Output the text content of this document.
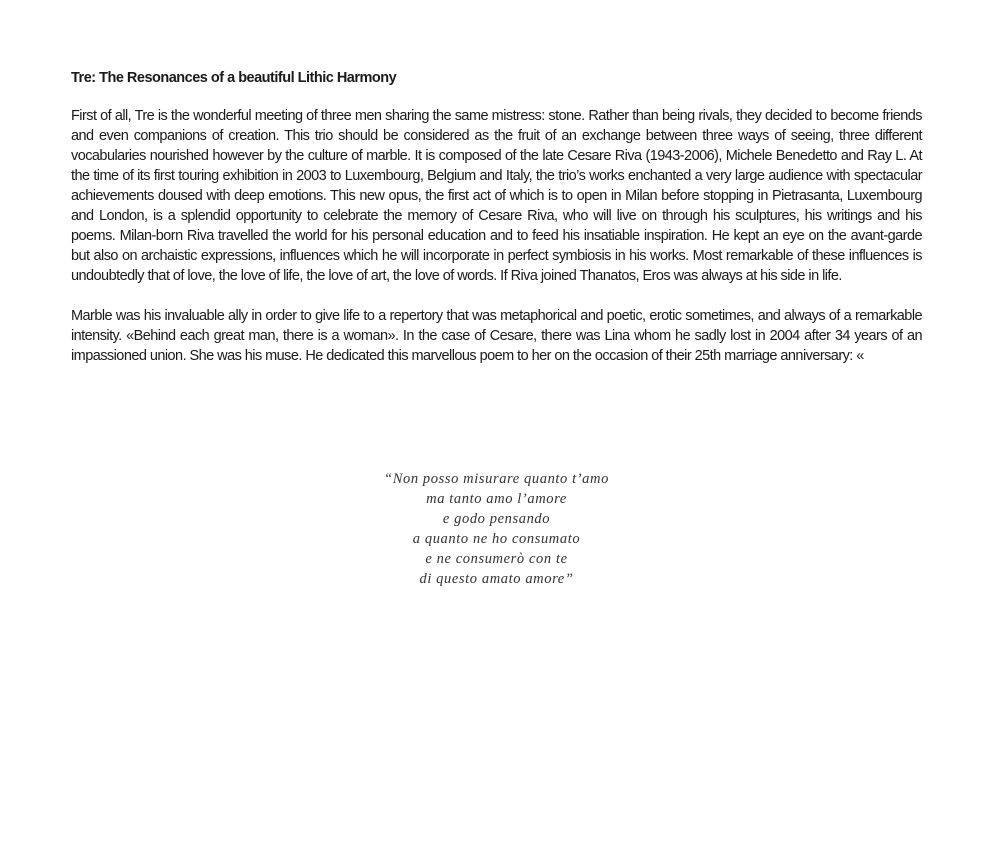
Tre: The Resonances of a beautiful Lithic Harmony

First of all, Tre is the wonderful meeting of three men sharing the same mistress: stone. Rather than being rivals, they decided to become friends and even companions of creation. This trio should be considered as the fruit of an exchange between three ways of seeing, three different vocabularies nourished however by the culture of marble. It is composed of the late Cesare Riva (1943-2006), Michele Benedetto and Ray L. At the time of its first touring exhibition in 2003 to Luxembourg, Belgium and Italy, the trio’s works enchanted a very large audience with spectacular achievements doused with deep emotions. This new opus, the first act of which is to open in Milan before stopping in Pietrasanta, Luxembourg and London, is a splendid opportunity to celebrate the memory of Cesare Riva, who will live on through his sculptures, his writings and his poems. Milan-born Riva travelled the world for his personal education and to feed his insatiable inspiration. He kept an eye on the avant-garde but also on archaistic expressions, influences which he will incorporate in perfect symbiosis in his works. Most remarkable of these influences is undoubtedly that of love, the love of life, the love of art, the love of words. If Riva joined Thanatos, Eros was always at his side in life.

Marble was his invaluable ally in order to give life to a repertory that was metaphorical and poetic, erotic sometimes, and always of a remarkable intensity. «Behind each great man, there is a woman». In the case of Cesare, there was Lina whom he sadly lost in 2004 after 34 years of an impassioned union. She was his muse. He dedicated this marvellous poem to her on the occasion of their 25th marriage anniversary: «

“Non posso misurare quanto t’amo
ma tanto amo l’amore
e godo pensando
a quanto ne ho consumato
e ne consumerò con te
di questo amato amore”
